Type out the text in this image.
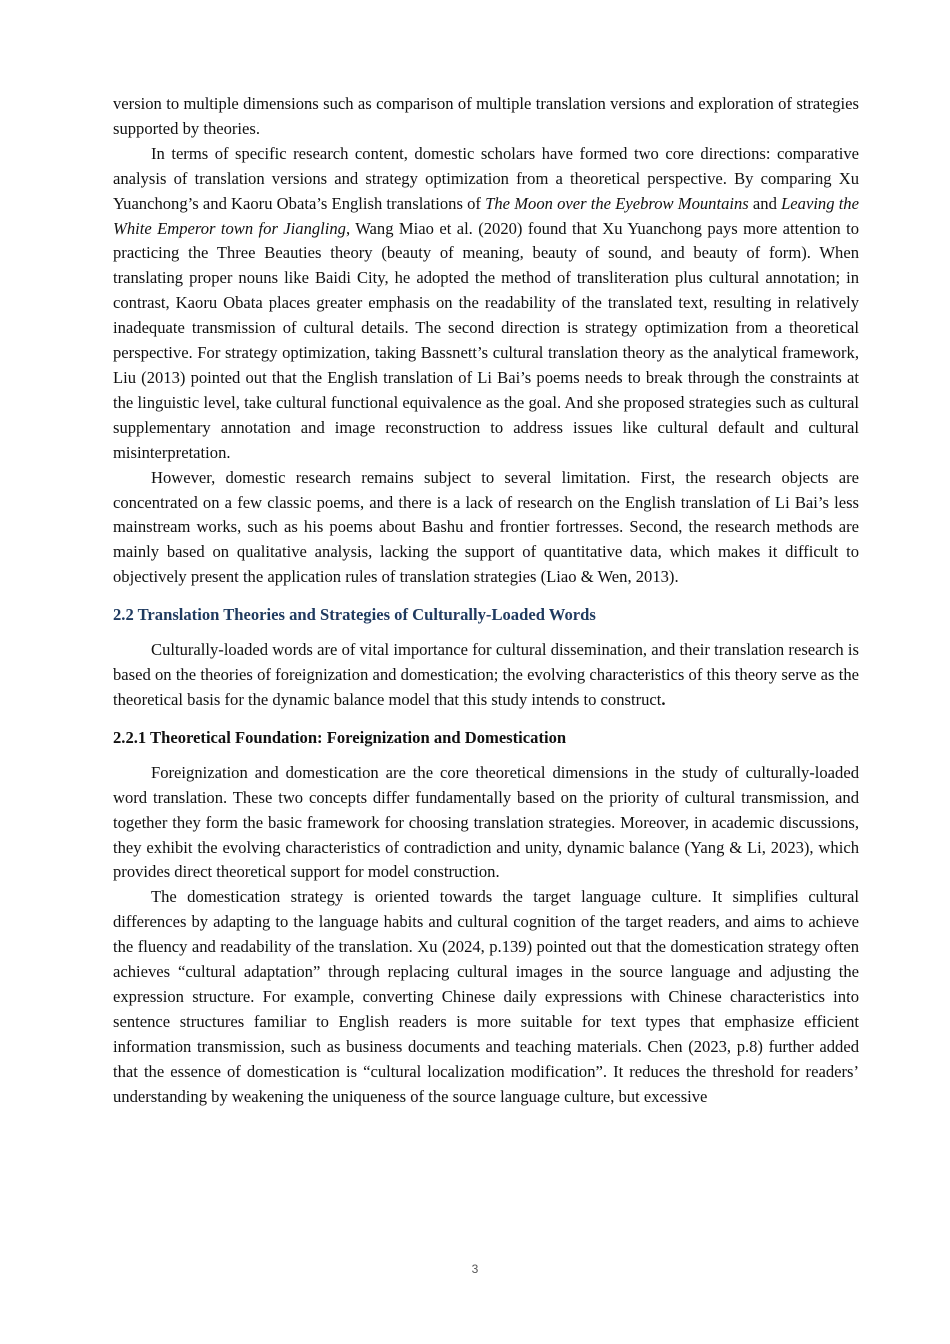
version to multiple dimensions such as comparison of multiple translation versions and exploration of strategies supported by theories.

In terms of specific research content, domestic scholars have formed two core directions: comparative analysis of translation versions and strategy optimization from a theoretical perspective. By comparing Xu Yuanchong’s and Kaoru Obata’s English translations of The Moon over the Eyebrow Mountains and Leaving the White Emperor town for Jiangling, Wang Miao et al. (2020) found that Xu Yuanchong pays more attention to practicing the Three Beauties theory (beauty of meaning, beauty of sound, and beauty of form). When translating proper nouns like Baidi City, he adopted the method of transliteration plus cultural annotation; in contrast, Kaoru Obata places greater emphasis on the readability of the translated text, resulting in relatively inadequate transmission of cultural details. The second direction is strategy optimization from a theoretical perspective. For strategy optimization, taking Bassnett’s cultural translation theory as the analytical framework, Liu (2013) pointed out that the English translation of Li Bai’s poems needs to break through the constraints at the linguistic level, take cultural functional equivalence as the goal. And she proposed strategies such as cultural supplementary annotation and image reconstruction to address issues like cultural default and cultural misinterpretation.

However, domestic research remains subject to several limitation. First, the research objects are concentrated on a few classic poems, and there is a lack of research on the English translation of Li Bai’s less mainstream works, such as his poems about Bashu and frontier fortresses. Second, the research methods are mainly based on qualitative analysis, lacking the support of quantitative data, which makes it difficult to objectively present the application rules of translation strategies (Liao & Wen, 2013).

2.2 Translation Theories and Strategies of Culturally-Loaded Words

Culturally-loaded words are of vital importance for cultural dissemination, and their translation research is based on the theories of foreignization and domestication; the evolving characteristics of this theory serve as the theoretical basis for the dynamic balance model that this study intends to construct.

2.2.1 Theoretical Foundation: Foreignization and Domestication

Foreignization and domestication are the core theoretical dimensions in the study of culturally-loaded word translation. These two concepts differ fundamentally based on the priority of cultural transmission, and together they form the basic framework for choosing translation strategies. Moreover, in academic discussions, they exhibit the evolving characteristics of contradiction and unity, dynamic balance (Yang & Li, 2023), which provides direct theoretical support for model construction.

The domestication strategy is oriented towards the target language culture. It simplifies cultural differences by adapting to the language habits and cultural cognition of the target readers, and aims to achieve the fluency and readability of the translation. Xu (2024, p.139) pointed out that the domestication strategy often achieves “cultural adaptation” through replacing cultural images in the source language and adjusting the expression structure. For example, converting Chinese daily expressions with Chinese characteristics into sentence structures familiar to English readers is more suitable for text types that emphasize efficient information transmission, such as business documents and teaching materials. Chen (2023, p.8) further added that the essence of domestication is “cultural localization modification”. It reduces the threshold for readers’ understanding by weakening the uniqueness of the source language culture, but excessive

3
